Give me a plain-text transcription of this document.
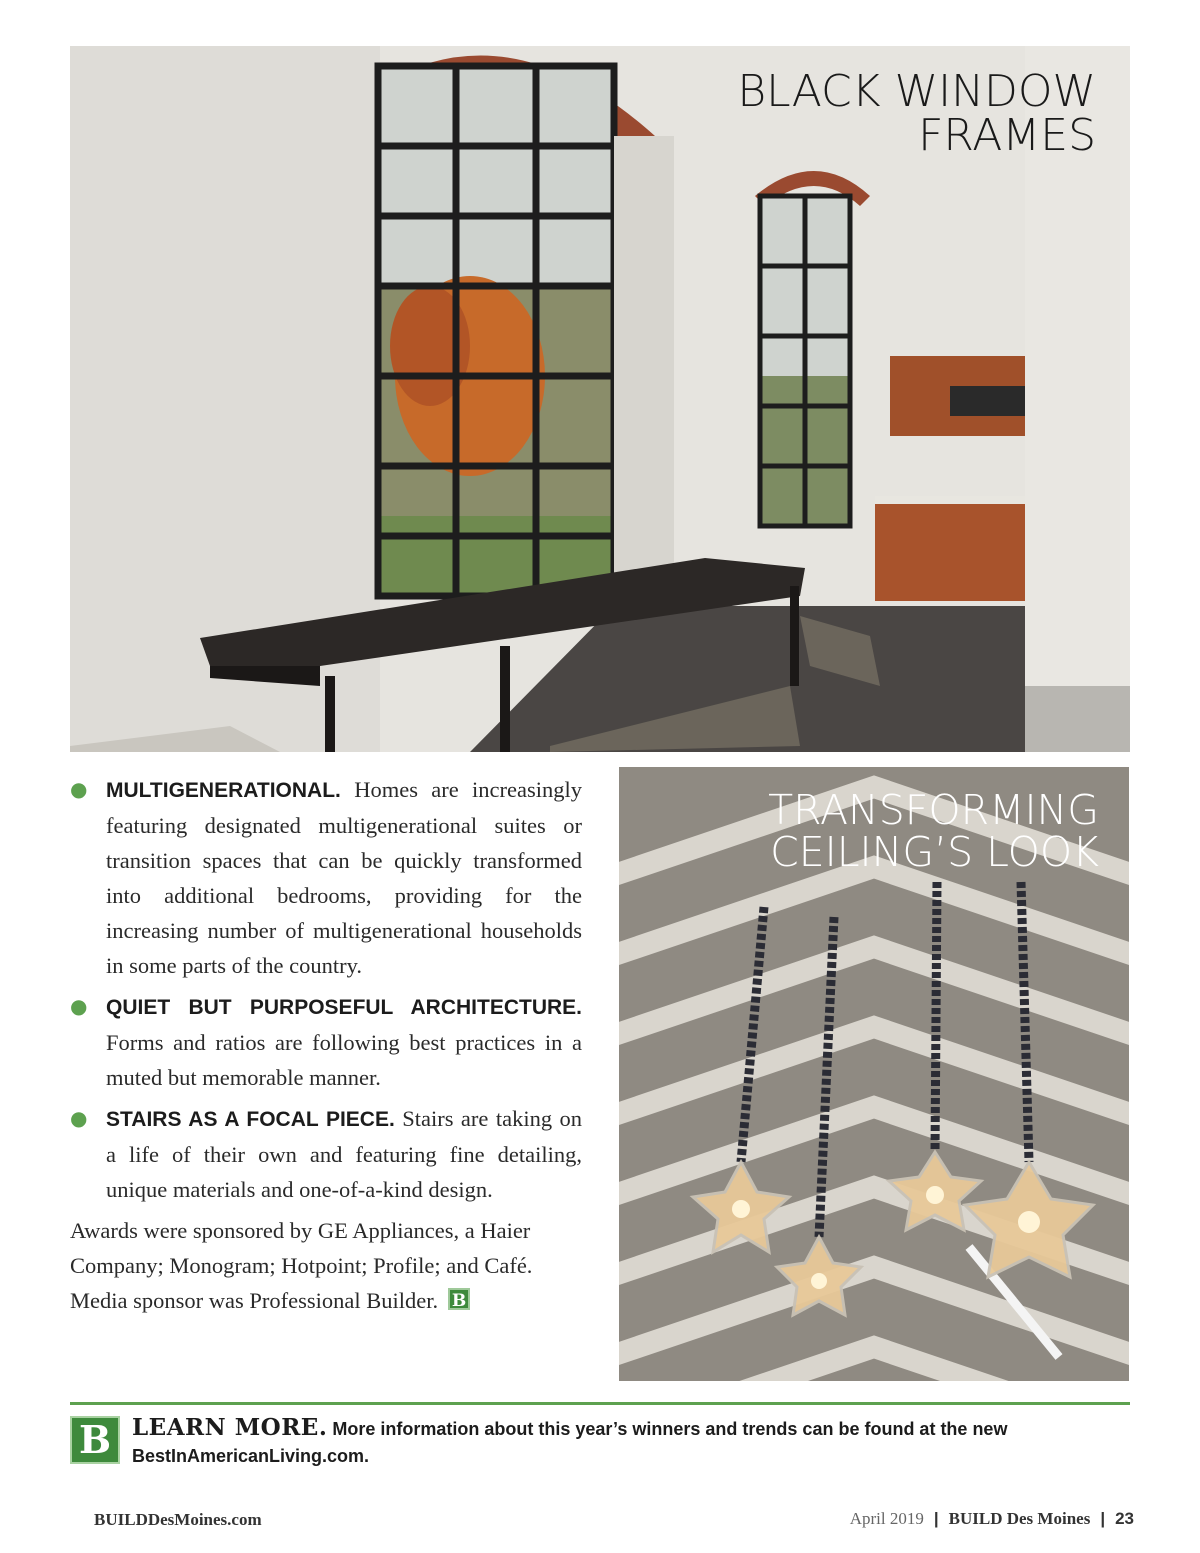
BLACK WINDOW
FRAMES
● MULTIGENERATIONAL. Homes are increasingly featuring designated multigenerational suites or transition spaces that can be quickly transformed into additional bedrooms, providing for the increasing number of multigenerational households in some parts of the country.
● QUIET BUT PURPOSEFUL ARCHITECTURE. Forms and ratios are following best practices in a muted but memorable manner.
● STAIRS AS A FOCAL PIECE. Stairs are taking on a life of their own and featuring fine detailing, unique materials and one-of-a-kind design.
Awards were sponsored by GE Appliances, a Haier Company; Monogram; Hotpoint; Profile; and Café. Media sponsor was Professional Builder. B
TRANSFORMING
CEILING’S LOOK
B LEARN MORE. More information about this year’s winners and trends can be found at the new BestInAmericanLiving.com.
BUILDDesMoines.com	April 2019 | BUILD Des Moines | 23
